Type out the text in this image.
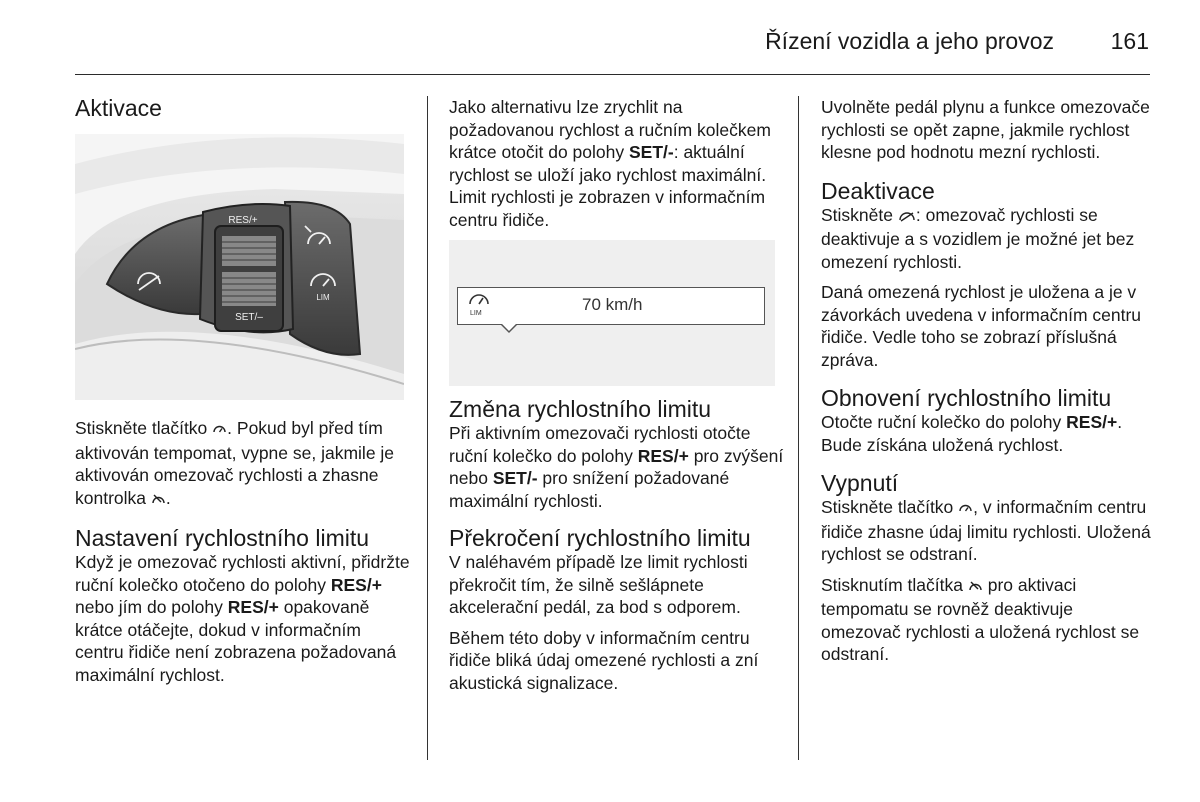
Řízení vozidla a jeho provoz 161
Aktivace
RES/+
SET/–
LIM

Stiskněte tlačítko . Pokud byl před tím aktivován tempomat, vypne se, jakmile je aktivován omezovač rychlosti a zhasne kontrolka .

Nastavení rychlostního limitu

Když je omezovač rychlosti aktivní, přidržte ruční kolečko otočeno do polohy RES/+ nebo jím do polohy RES/+ opakovaně krátce otáčejte, dokud v informačním centru řidiče není zobrazena požadovaná maximální rychlost.

Jako alternativu lze zrychlit na požadovanou rychlost a ručním kolečkem krátce otočit do polohy SET/-: aktuální rychlost se uloží jako rychlost maximální. Limit rychlosti je zobrazen v informačním centru řidiče.

LIM	70 km/h
Změna rychlostního limitu

Při aktivním omezovači rychlosti otočte ruční kolečko do polohy RES/+ pro zvýšení nebo SET/- pro snížení požadované maximální rychlosti.

Překročení rychlostního limitu

V naléhavém případě lze limit rychlosti překročit tím, že silně sešlápnete akcelerační pedál, za bod s odporem.

Během této doby v informačním centru řidiče bliká údaj omezené rychlosti a zní akustická signalizace.

Uvolněte pedál plynu a funkce omezovače rychlosti se opět zapne, jakmile rychlost klesne pod hodnotu mezní rychlosti.

Deaktivace

Stiskněte : omezovač rychlosti se deaktivuje a s vozidlem je možné jet bez omezení rychlosti.

Daná omezená rychlost je uložena a je v závorkách uvedena v informačním centru řidiče. Vedle toho se zobrazí příslušná zpráva.

Obnovení rychlostního limitu

Otočte ruční kolečko do polohy RES/+. Bude získána uložená rychlost.

Vypnutí

Stiskněte tlačítko , v informačním centru řidiče zhasne údaj limitu rychlosti. Uložená rychlost se odstraní.

Stisknutím tlačítka pro aktivaci tempomatu se rovněž deaktivuje omezovač rychlosti a uložená rychlost se odstraní.
